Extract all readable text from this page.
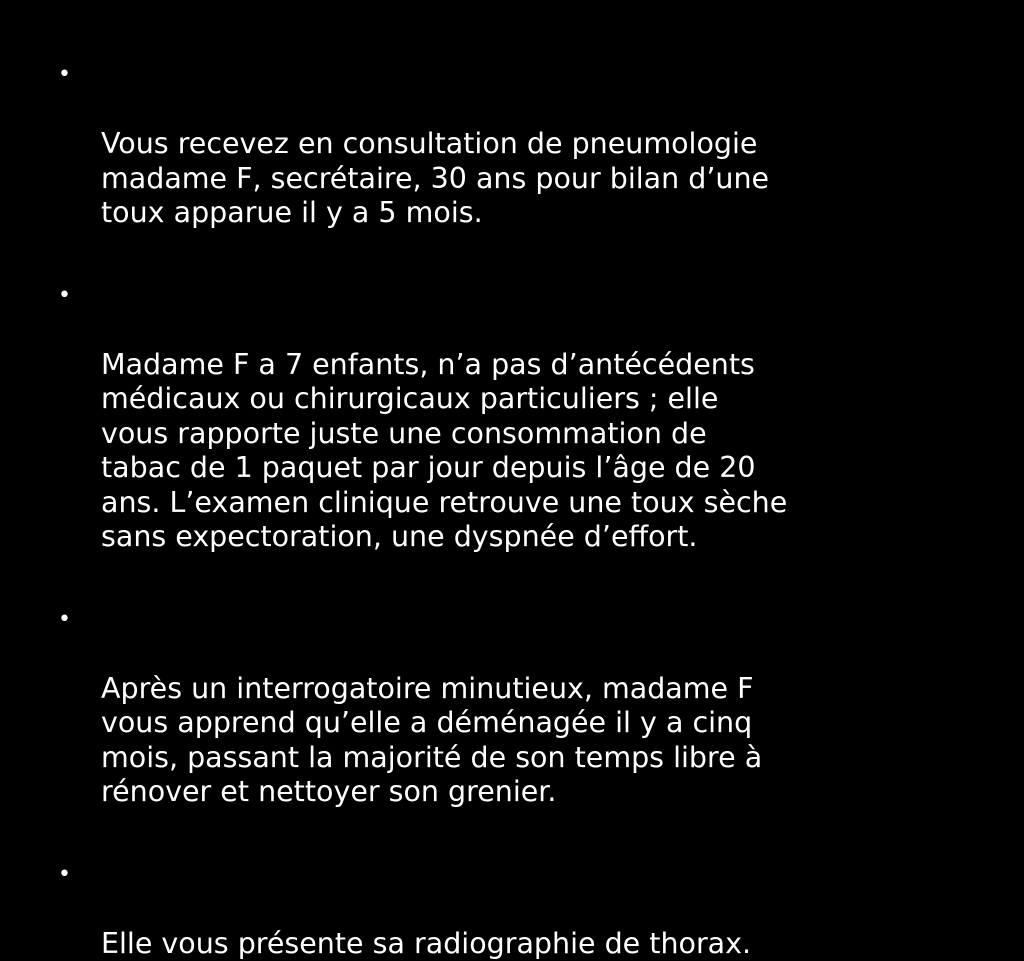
•

Vous recevez en consultation de pneumologie
madame F, secrétaire, 30 ans pour bilan d’une
toux apparue il y a 5 mois.

•

Madame F a 7 enfants, n’a pas d’antécédents
médicaux ou chirurgicaux particuliers ; elle
vous rapporte juste une consommation de
tabac de 1 paquet par jour depuis l’âge de 20
ans. L’examen clinique retrouve une toux sèche
sans expectoration, une dyspnée d’effort.

•

Après un interrogatoire minutieux, madame F
vous apprend qu’elle a déménagée il y a cinq
mois, passant la majorité de son temps libre à
rénover et nettoyer son grenier.

•

Elle vous présente sa radiographie de thorax.
